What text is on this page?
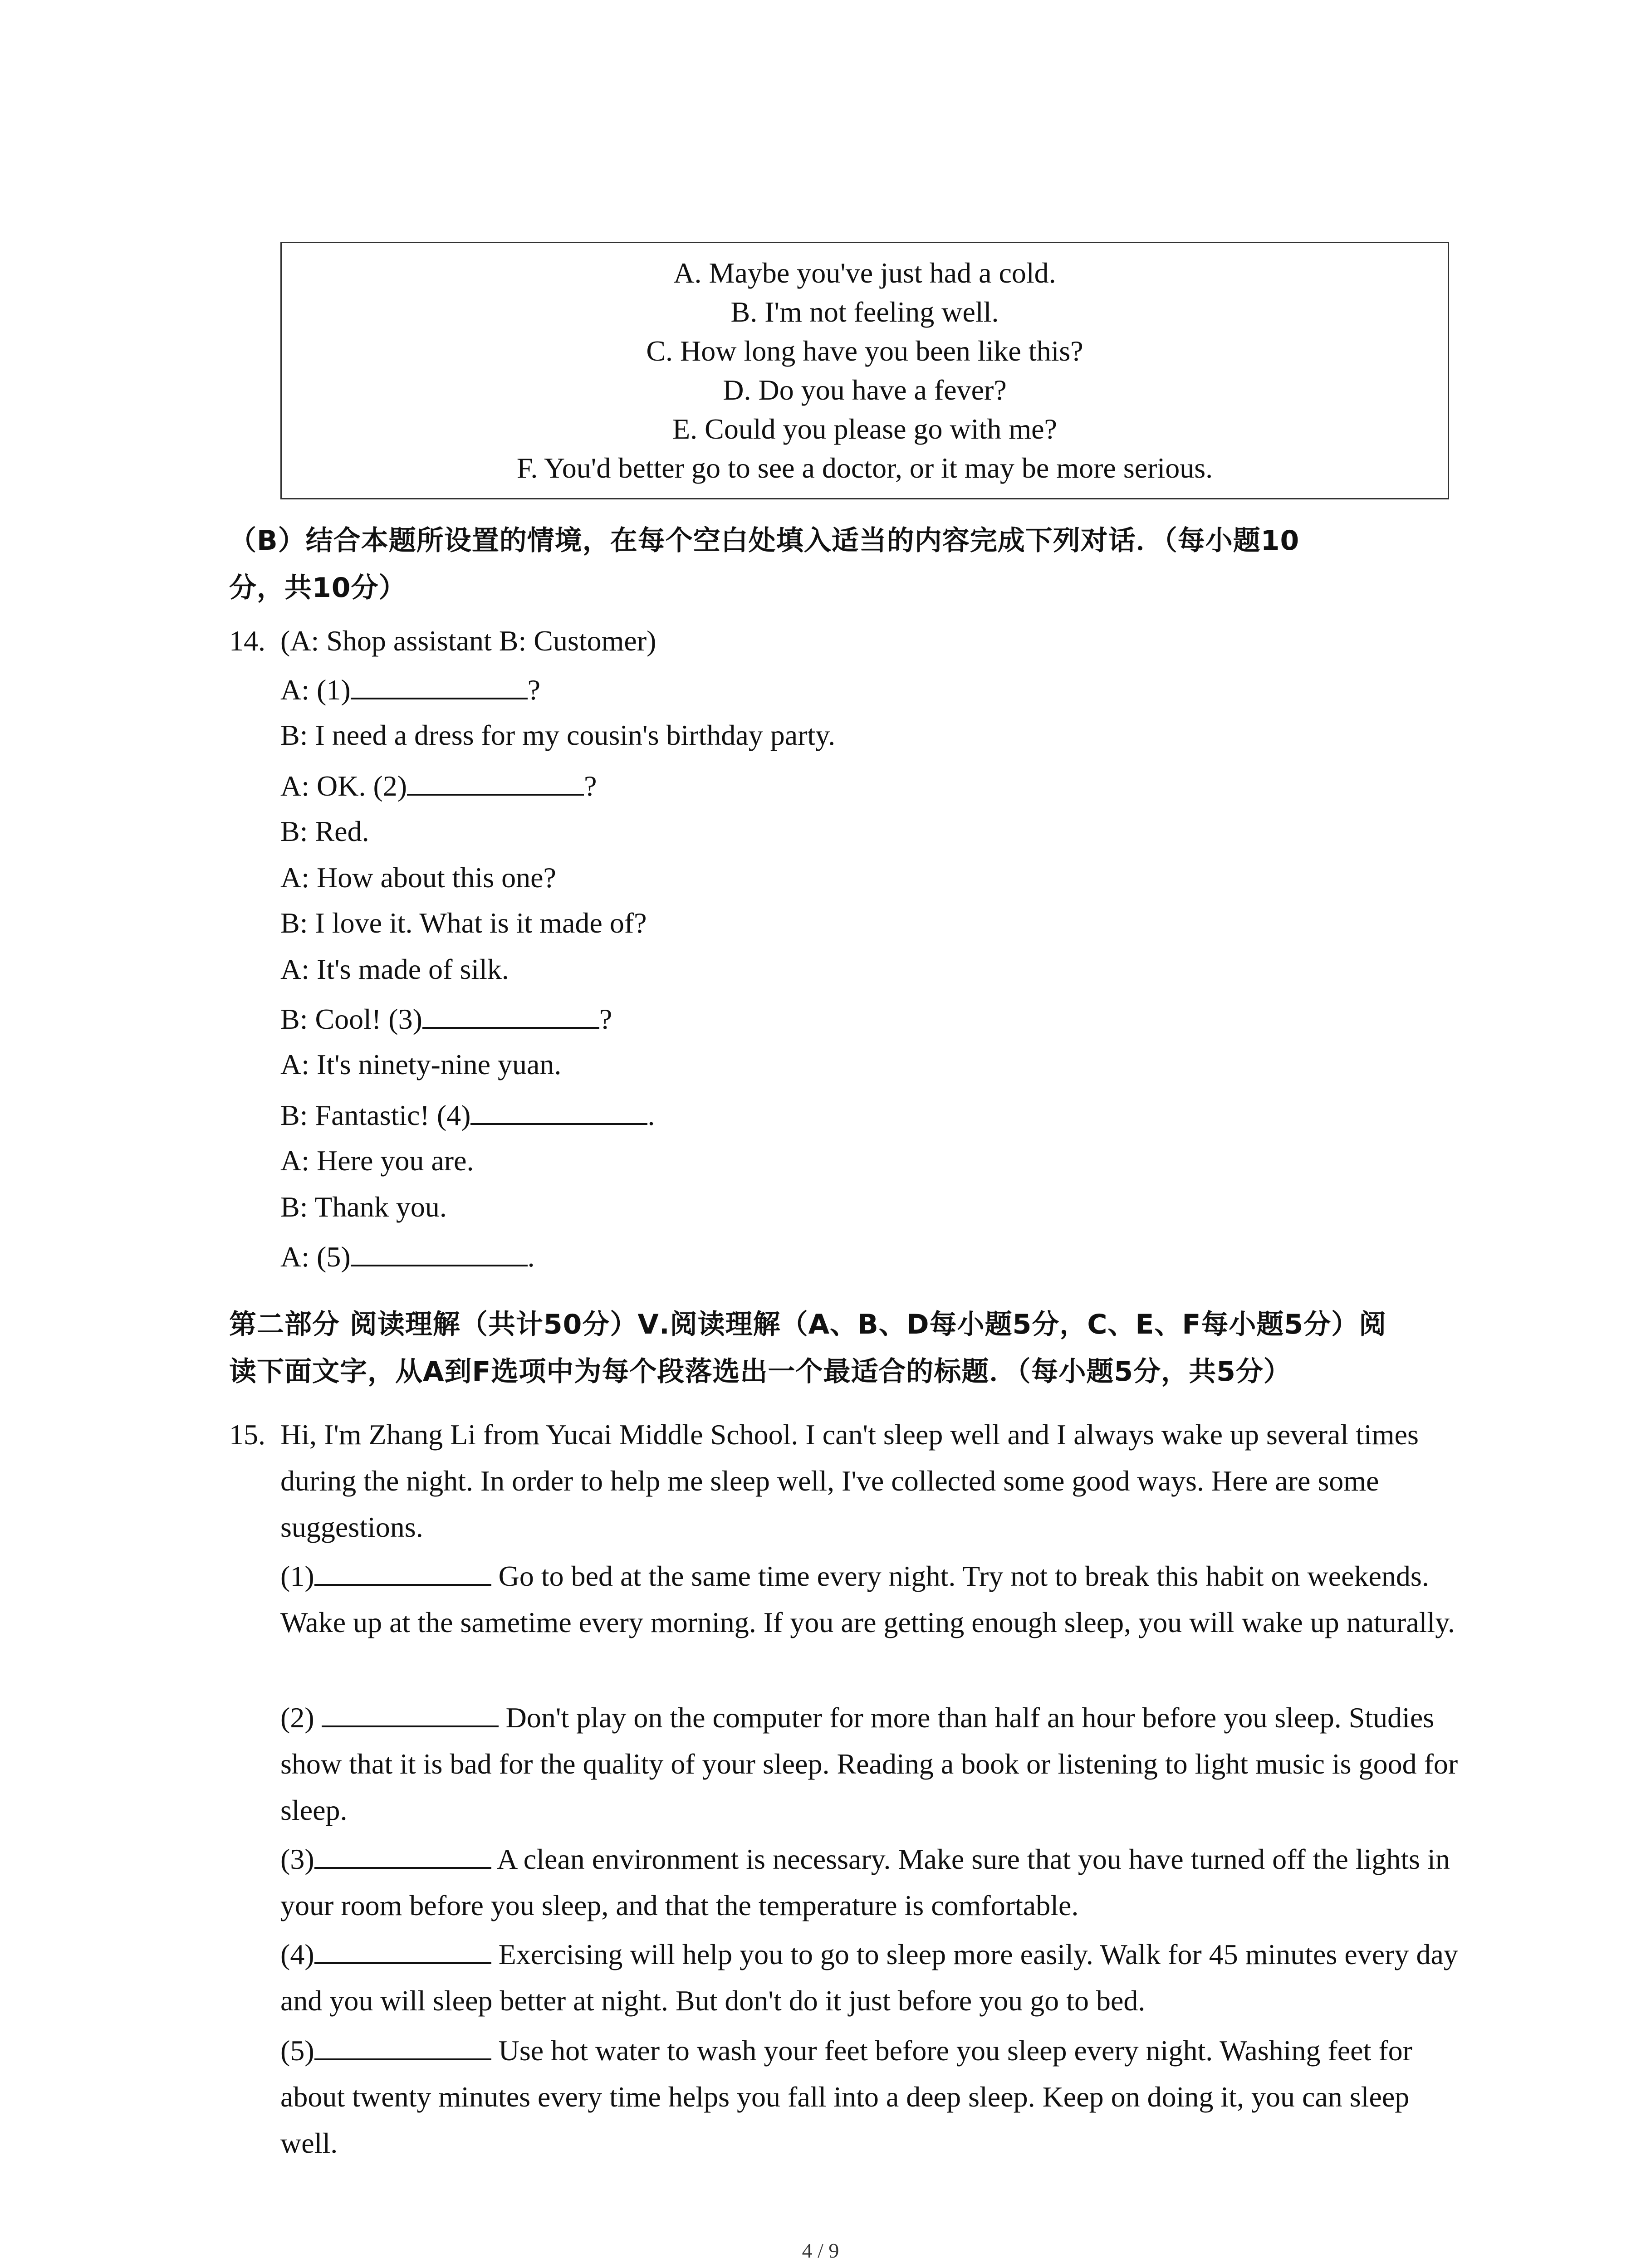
A. Maybe you've just had a cold.
B. I'm not feeling well.
C. How long have you been like this?
D. Do you have a fever?
E. Could you please go with me?
F. You'd better go to see a doctor, or it may be more serious.
（B）结合本题所设置的情境，在每个空白处填入适当的内容完成下列对话．（每小题10
分，共10分）
14. (A: Shop assistant B: Customer)
A: (1)	?
B: I need a dress for my cousin's birthday party.
A: OK. (2)	?
B: Red.
A: How about this one?
B: I love it. What is it made of?
A: It's made of silk.
B: Cool! (3)	?
A: It's ninety-nine yuan.
B: Fantastic! (4)	.
A: Here you are.
B: Thank you.
A: (5)	.
第二部分 阅读理解（共计50分）Ⅴ.阅读理解（A、B、D每小题5分，C、E、F每小题5分）阅
读下面文字，从A到F选项中为每个段落选出一个最适合的标题．（每小题5分，共5分）
15. Hi, I'm Zhang Li from Yucai Middle School. I can't sleep well and I always wake up several times during the night. In order to help me sleep well, I've collected some good ways. Here are some suggestions.
(1)	Go to bed at the same time every night. Try not to break this habit on weekends. Wake up at the sametime every morning. If you are getting enough sleep, you will wake up naturally.
(2)	Don't play on the computer for more than half an hour before you sleep. Studies show that it is bad for the quality of your sleep. Reading a book or listening to light music is good for sleep.
(3)	A clean environment is necessary. Make sure that you have turned off the lights in your room before you sleep, and that the temperature is comfortable.
(4)	Exercising will help you to go to sleep more easily. Walk for 45 minutes every day and you will sleep better at night. But don't do it just before you go to bed.
(5)	Use hot water to wash your feet before you sleep every night. Washing feet for about twenty minutes every time helps you fall into a deep sleep. Keep on doing it, you can sleep well.
4 / 9
